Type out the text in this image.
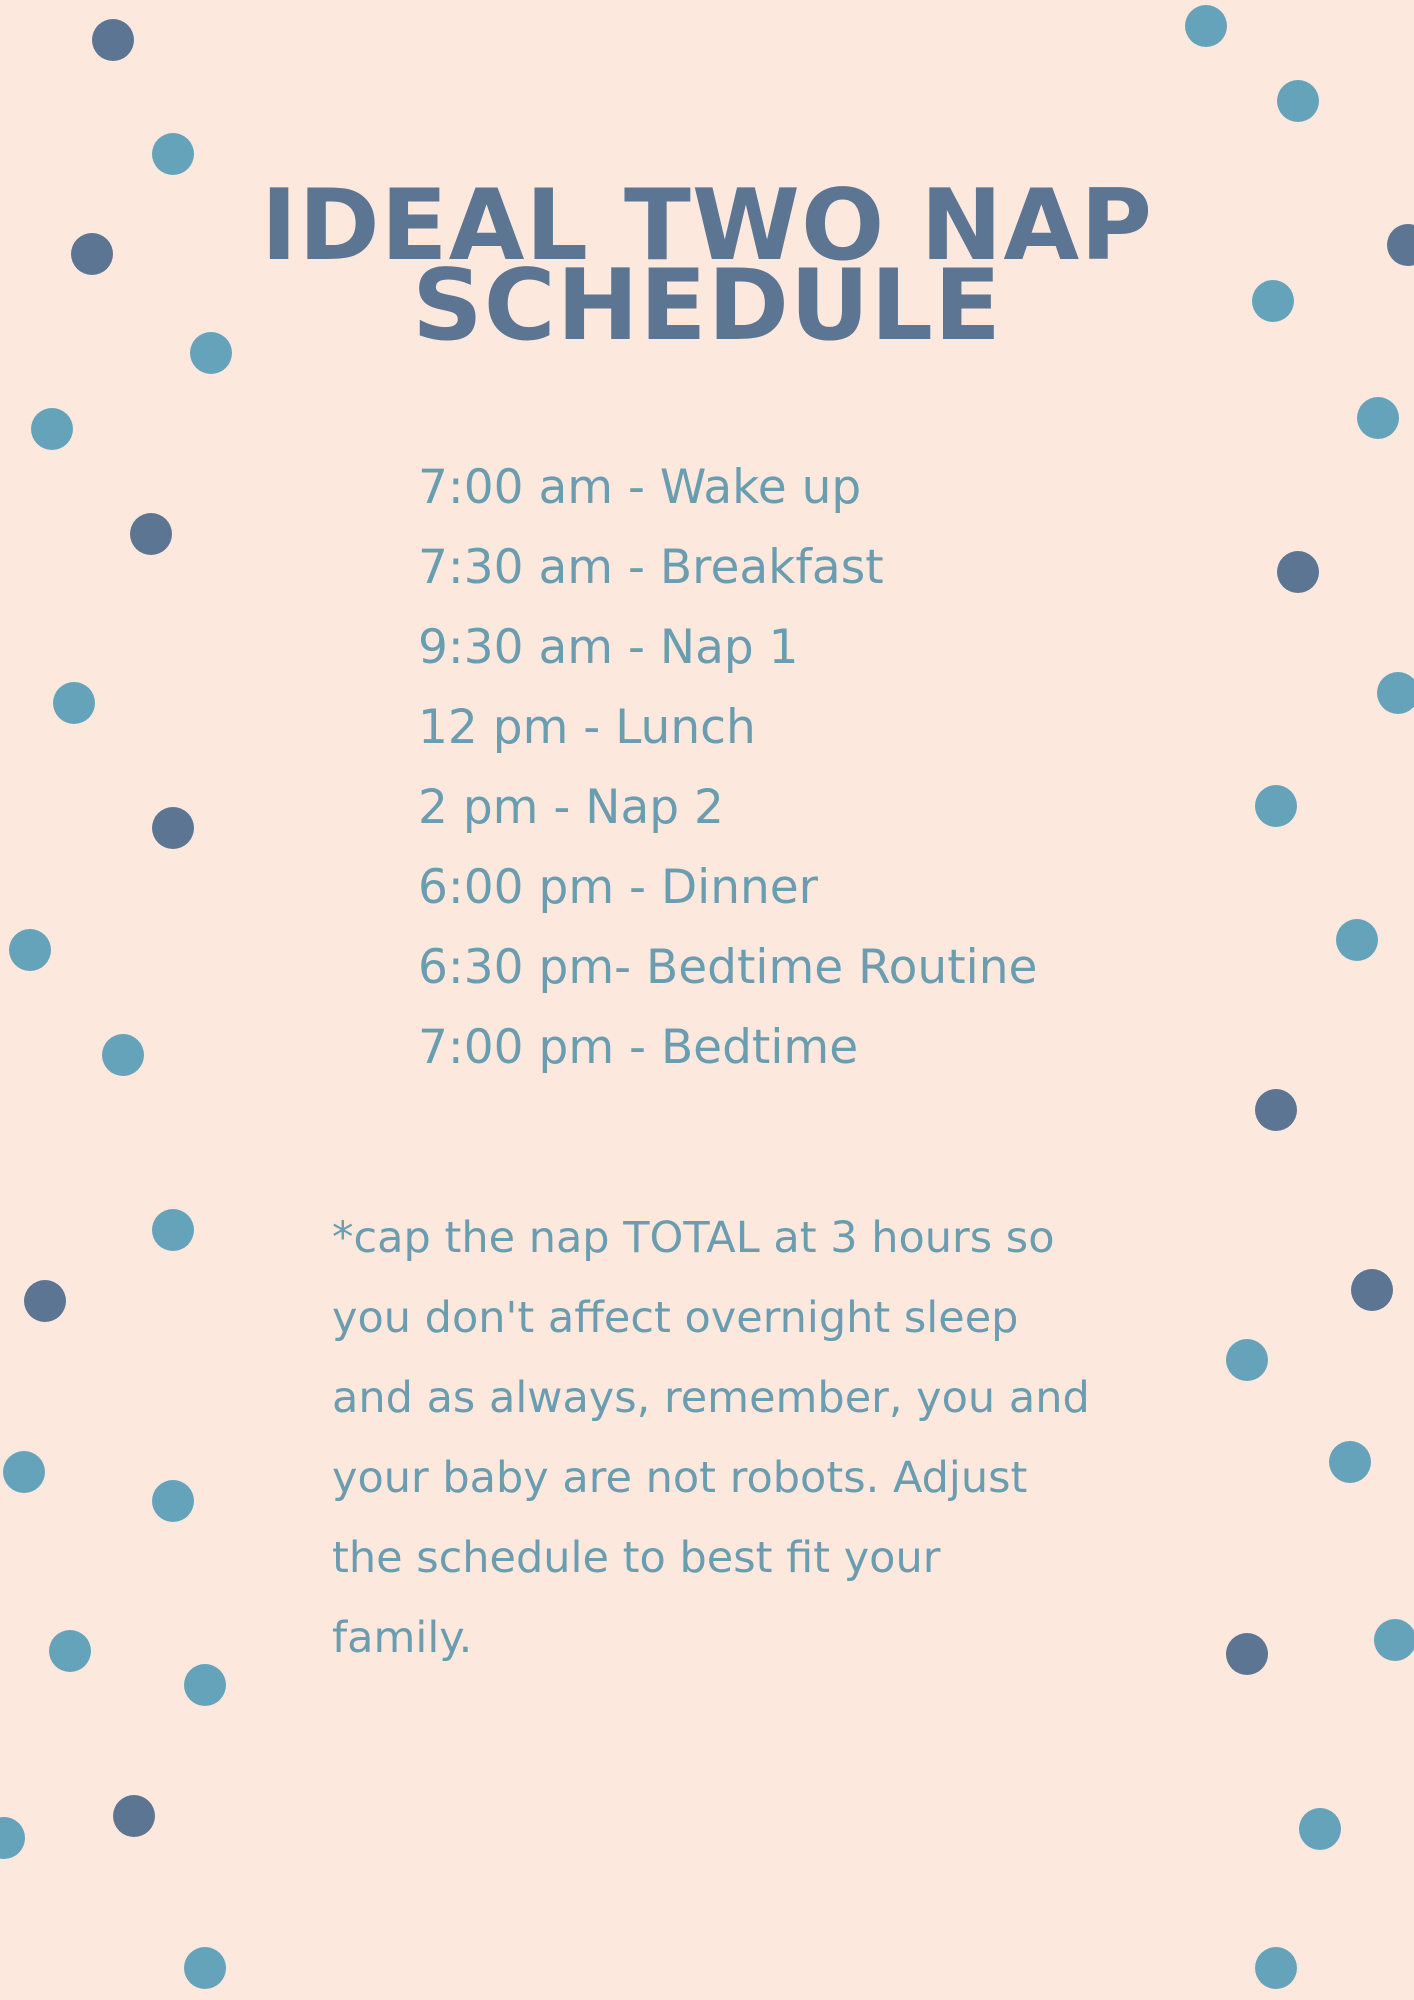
IDEAL TWO NAP
SCHEDULE
7:00 am - Wake up
7:30 am - Breakfast
9:30 am - Nap 1
12 pm - Lunch
2 pm - Nap 2
6:00 pm - Dinner
6:30 pm- Bedtime Routine
7:00 pm - Bedtime

*cap the nap TOTAL at 3 hours so
you don't affect overnight sleep
and as always, remember, you and
your baby are not robots. Adjust
the schedule to best fit your
family.
